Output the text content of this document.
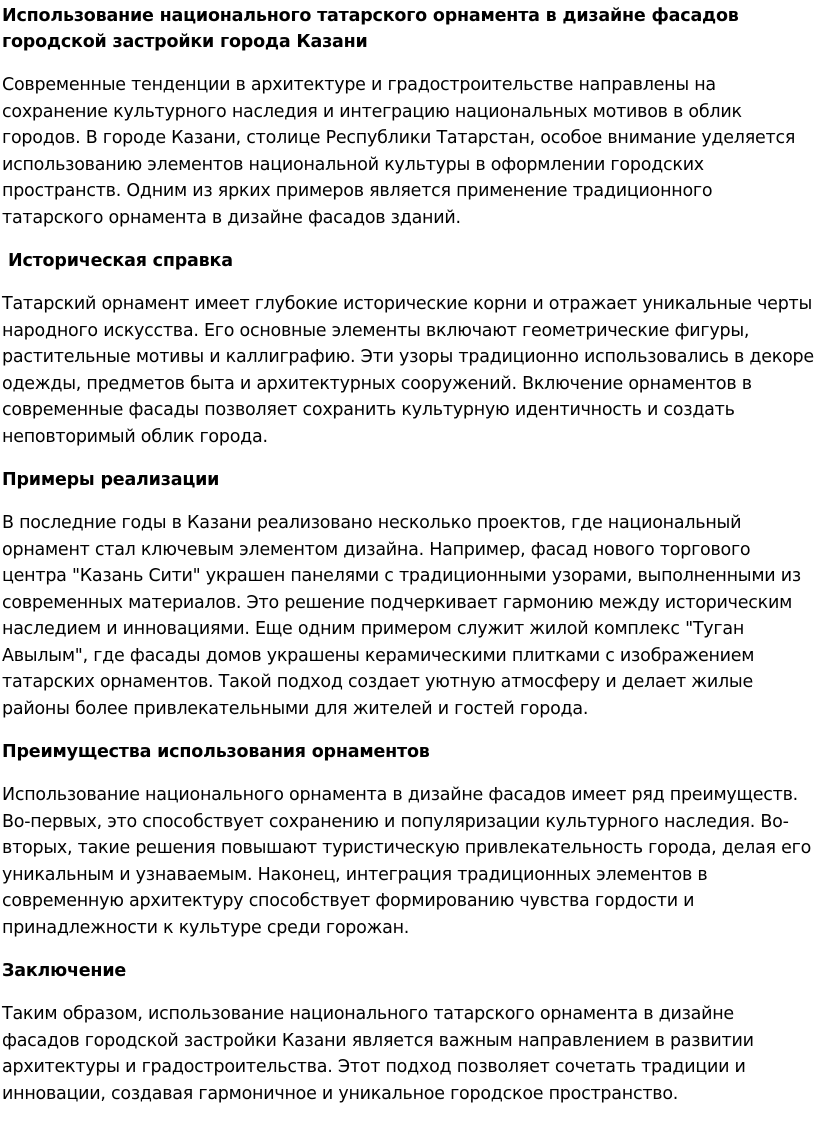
Использование национального татарского орнамента в дизайне фасадов городской застройки города Казани

Современные тенденции в архитектуре и градостроительстве направлены на сохранение культурного наследия и интеграцию национальных мотивов в облик городов. В городе Казани, столице Республики Татарстан, особое внимание уделяется использованию элементов национальной культуры в оформлении городских пространств. Одним из ярких примеров является применение традиционного татарского орнамента в дизайне фасадов зданий.

Историческая справка

Татарский орнамент имеет глубокие исторические корни и отражает уникальные черты народного искусства. Его основные элементы включают геометрические фигуры, растительные мотивы и каллиграфию. Эти узоры традиционно использовались в декоре одежды, предметов быта и архитектурных сооружений. Включение орнаментов в современные фасады позволяет сохранить культурную идентичность и создать неповторимый облик города.

Примеры реализации

В последние годы в Казани реализовано несколько проектов, где национальный орнамент стал ключевым элементом дизайна. Например, фасад нового торгового центра "Казань Сити" украшен панелями с традиционными узорами, выполненными из современных материалов. Это решение подчеркивает гармонию между историческим наследием и инновациями. Еще одним примером служит жилой комплекс "Туган Авылым", где фасады домов украшены керамическими плитками с изображением татарских орнаментов. Такой подход создает уютную атмосферу и делает жилые районы более привлекательными для жителей и гостей города.

Преимущества использования орнаментов

Использование национального орнамента в дизайне фасадов имеет ряд преимуществ. Во-первых, это способствует сохранению и популяризации культурного наследия. Во-вторых, такие решения повышают туристическую привлекательность города, делая его уникальным и узнаваемым. Наконец, интеграция традиционных элементов в современную архитектуру способствует формированию чувства гордости и принадлежности к культуре среди горожан.

Заключение

Таким образом, использование национального татарского орнамента в дизайне фасадов городской застройки Казани является важным направлением в развитии архитектуры и градостроительства. Этот подход позволяет сочетать традиции и инновации, создавая гармоничное и уникальное городское пространство.
